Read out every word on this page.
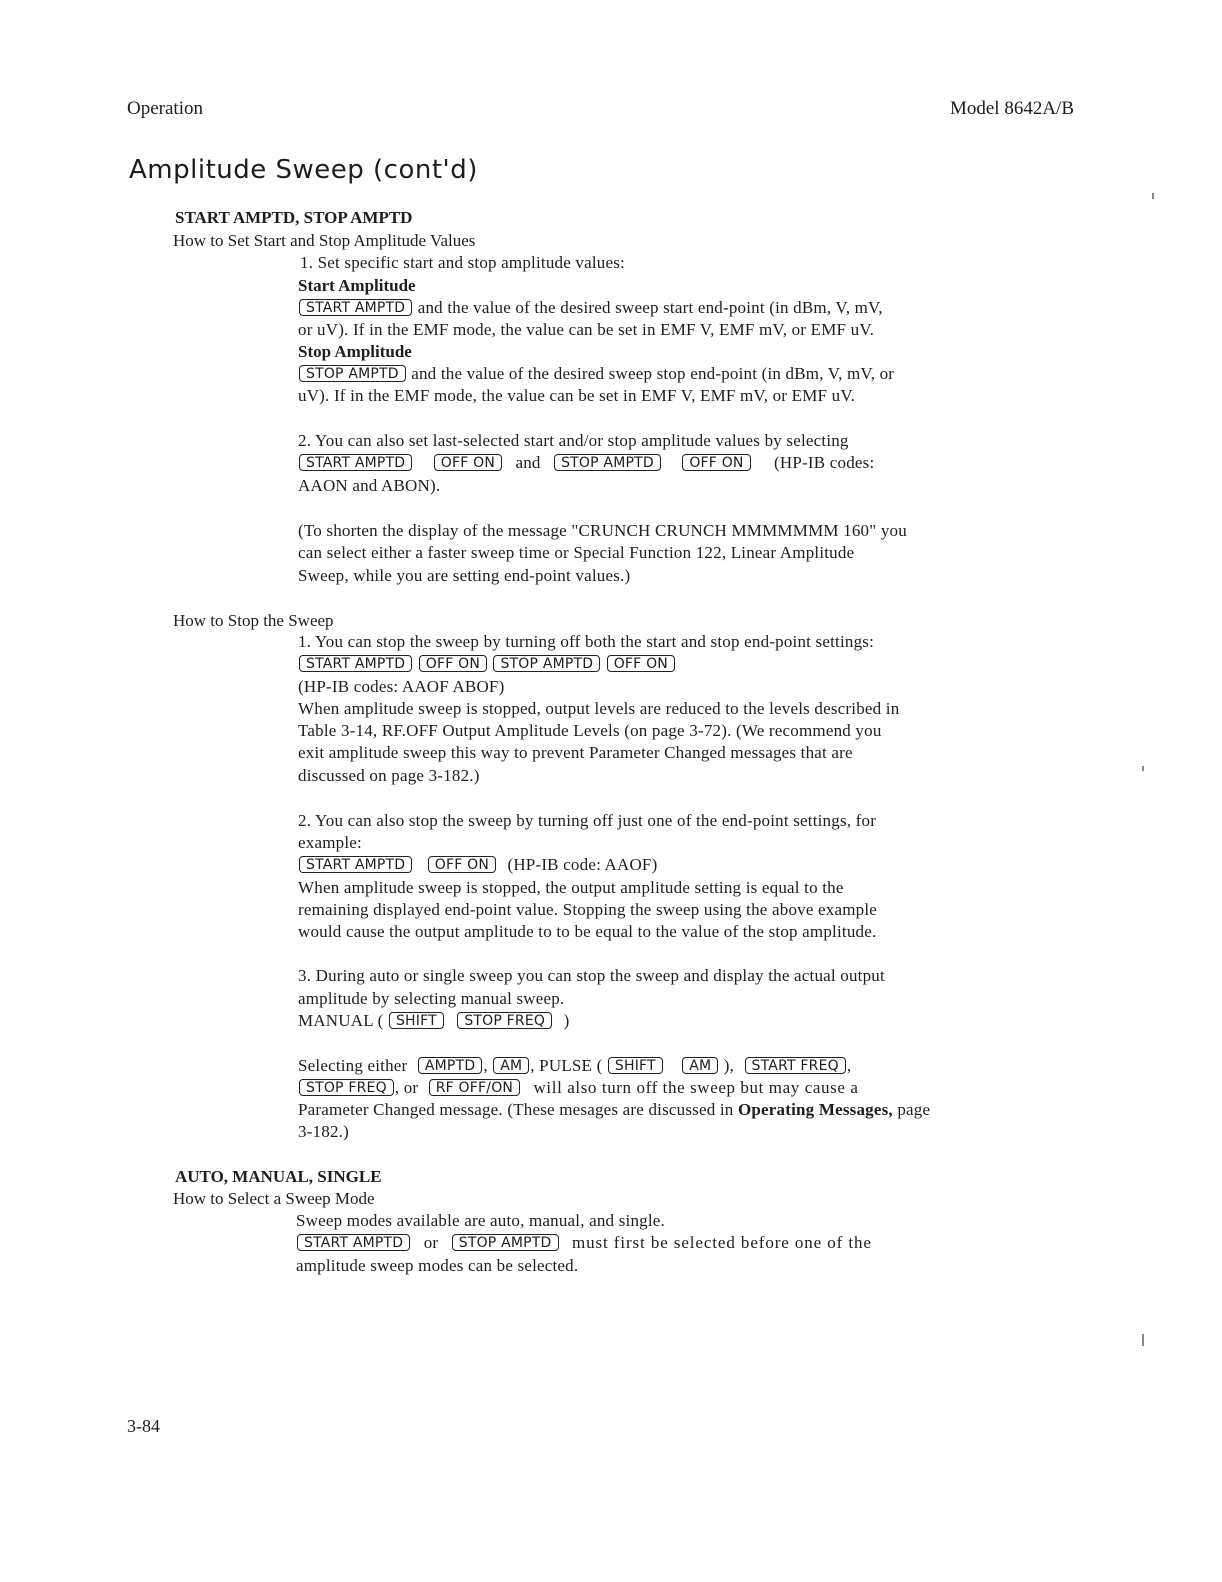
Operation	Model 8642A/B
Amplitude Sweep (cont'd)
START AMPTD, STOP AMPTD
How to Set Start and Stop Amplitude Values
1. Set specific start and stop amplitude values:
Start Amplitude
START AMPTD and the value of the desired sweep start end-point (in dBm, V, mV,
or uV). If in the EMF mode, the value can be set in EMF V, EMF mV, or EMF uV.
Stop Amplitude
STOP AMPTD and the value of the desired sweep stop end-point (in dBm, V, mV, or
uV). If in the EMF mode, the value can be set in EMF V, EMF mV, or EMF uV.
2. You can also set last-selected start and/or stop amplitude values by selecting
START AMPTD	OFF ON and STOP AMPTD	OFF ON (HP-IB codes:
AAON and ABON).
(To shorten the display of the message "CRUNCH CRUNCH MMMMMMM 160" you
can select either a faster sweep time or Special Function 122, Linear Amplitude
Sweep, while you are setting end-point values.)
How to Stop the Sweep
1. You can stop the sweep by turning off both the start and stop end-point settings:
START AMPTD OFF ON STOP AMPTD OFF ON
(HP-IB codes: AAOF ABOF)
When amplitude sweep is stopped, output levels are reduced to the levels described in
Table 3-14, RF.OFF Output Amplitude Levels (on page 3-72). (We recommend you
exit amplitude sweep this way to prevent Parameter Changed messages that are
discussed on page 3-182.)
2. You can also stop the sweep by turning off just one of the end-point settings, for
example:
START AMPTD OFF ON (HP-IB code: AAOF)
When amplitude sweep is stopped, the output amplitude setting is equal to the
remaining displayed end-point value. Stopping the sweep using the above example
would cause the output amplitude to to be equal to the value of the stop amplitude.
3. During auto or single sweep you can stop the sweep and display the actual output
amplitude by selecting manual sweep.
MANUAL ( SHIFT STOP FREQ )
Selecting either AMPTD , AM , PULSE ( SHIFT AM ), START FREQ ,
STOP FREQ , or RF OFF/ON will also turn off the sweep but may cause a
Parameter Changed message. (These mesages are discussed in Operating Messages, page
3-182.)
AUTO, MANUAL, SINGLE
How to Select a Sweep Mode
Sweep modes available are auto, manual, and single.
START AMPTD or STOP AMPTD must first be selected before one of the
amplitude sweep modes can be selected.
3-84
